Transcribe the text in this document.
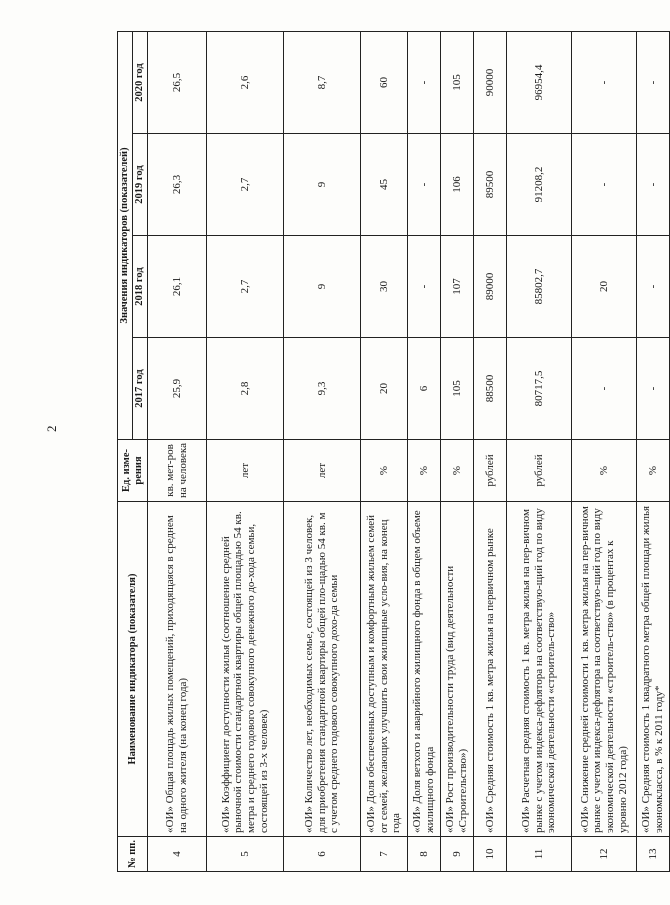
2
№ пп.	Наименование индикатора (показателя)	Ед. изме-рения	Значения индикаторов (показателей)			
			2017 год	2018 год	2019 год	2020 год
4	«ОИ» Общая площадь жилых помещений, приходящаяся в среднем на одного жителя (на конец года)	кв. мет-ров на человека	25,9	26,1	26,3	26,5
5	«ОИ» Коэффициент доступности жилья (соотношение средней рыночной стоимости стандартной квартиры общей площадью 54 кв. метра и среднего годового совокупного денежного до-хода семьи, состоящей из 3-х человек)	лет	2,8	2,7	2,7	2,6
6	«ОИ» Количество лет, необходимых семье, состоящей из 3 человек, для приобретения стандартной квартиры общей пло-щадью 54 кв. м с учетом среднего годового совокупного дохо-да семьи	лет	9,3	9	9	8,7
7	«ОИ» Доля обеспеченных доступным и комфортным жильем семей от семей, желающих улучшить свои жилищные усло-вия, на конец года	%	20	30	45	60
8	«ОИ» Доля ветхого и аварийного жилищного фонда в общем объеме жилищного фонда	%	6	-	-	-
9	«ОИ» Рост производительности труда (вид деятельности «Строительство»)	%	105	107	106	105
10	«ОИ» Средняя стоимость 1 кв. метра жилья на первичном рынке	рублей	88500	89000	89500	90000
11	«ОИ» Расчетная средняя стоимость 1 кв. метра жилья на пер-вичном рынке с учетом индекса-дефлятора на соответствую-щий год по виду экономической деятельности «строитель-ство»	рублей	80717,5	85802,7	91208,2	96954,4
12	«ОИ» Снижение средней стоимости 1 кв. метра жилья на пер-вичном рынке с учетом индекса-дефлятора на соответствую-щий год по виду экономической деятельности «строитель-ство» (в процентах к уровню 2012 года)	%	-	20	-	-
13	«ОИ» Средняя стоимость 1 квадратного метра общей площади жилья экономкласса, в % к 2011 году*	%	-	-	-	-
